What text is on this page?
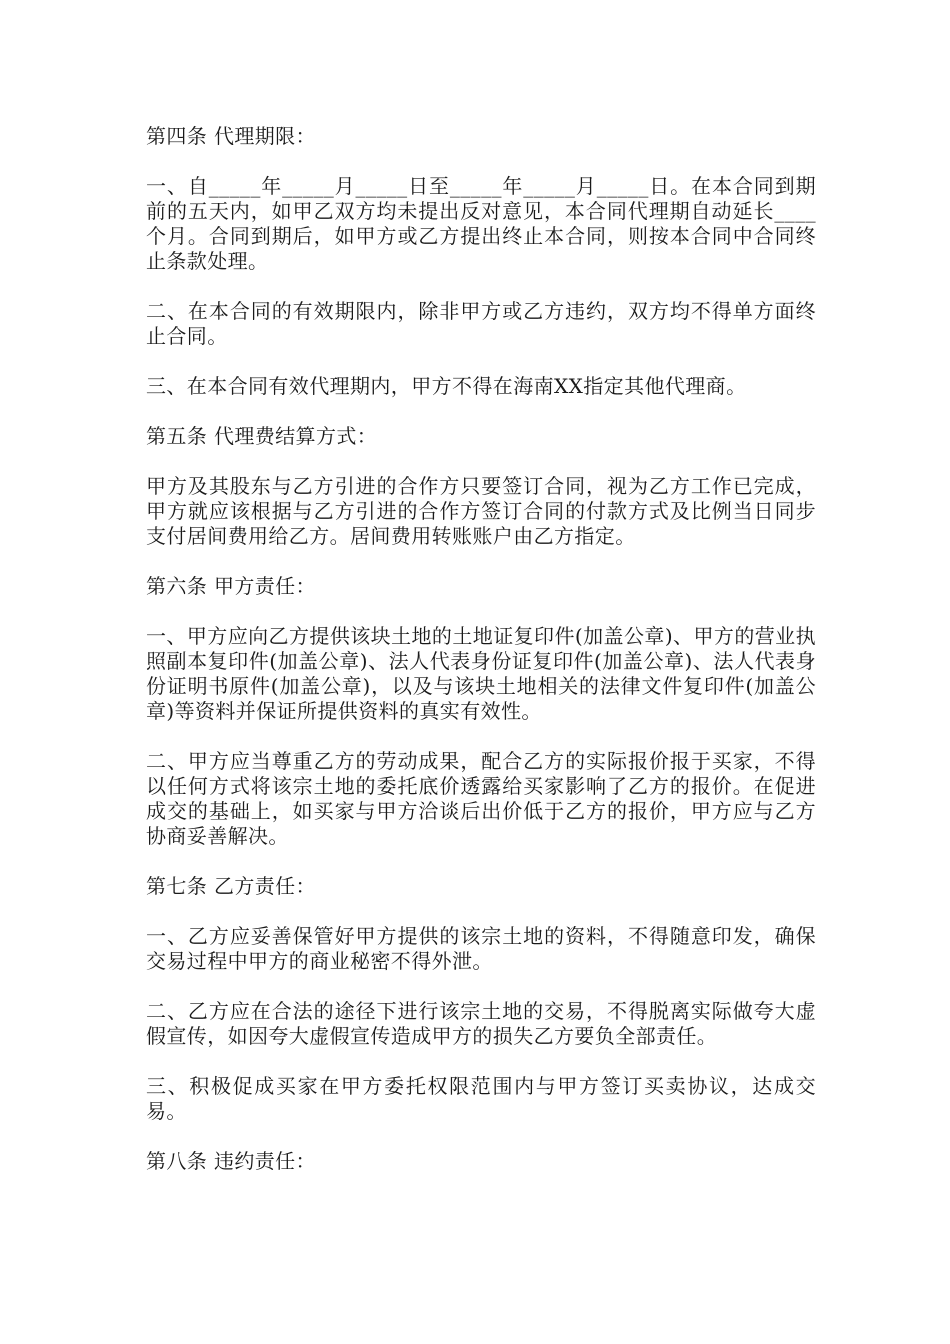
第四条 代理期限：
一、自_____年_____月_____日至_____年_____月_____日。在本合同到期前的五天内，如甲乙双方均未提出反对意见，本合同代理期自动延长____个月。合同到期后，如甲方或乙方提出终止本合同，则按本合同中合同终止条款处理。
二、在本合同的有效期限内，除非甲方或乙方违约，双方均不得单方面终止合同。
三、在本合同有效代理期内，甲方不得在海南XX指定其他代理商。
第五条 代理费结算方式：
甲方及其股东与乙方引进的合作方只要签订合同，视为乙方工作已完成，甲方就应该根据与乙方引进的合作方签订合同的付款方式及比例当日同步支付居间费用给乙方。居间费用转账账户由乙方指定。
第六条 甲方责任：
一、甲方应向乙方提供该块土地的土地证复印件(加盖公章)、甲方的营业执照副本复印件(加盖公章)、法人代表身份证复印件(加盖公章)、法人代表身份证明书原件(加盖公章)，以及与该块土地相关的法律文件复印件(加盖公章)等资料并保证所提供资料的真实有效性。
二、甲方应当尊重乙方的劳动成果，配合乙方的实际报价报于买家，不得以任何方式将该宗土地的委托底价透露给买家影响了乙方的报价。在促进成交的基础上，如买家与甲方洽谈后出价低于乙方的报价，甲方应与乙方协商妥善解决。
第七条 乙方责任：
一、乙方应妥善保管好甲方提供的该宗土地的资料，不得随意印发，确保交易过程中甲方的商业秘密不得外泄。
二、乙方应在合法的途径下进行该宗土地的交易，不得脱离实际做夸大虚假宣传，如因夸大虚假宣传造成甲方的损失乙方要负全部责任。
三、积极促成买家在甲方委托权限范围内与甲方签订买卖协议，达成交易。
第八条 违约责任：
